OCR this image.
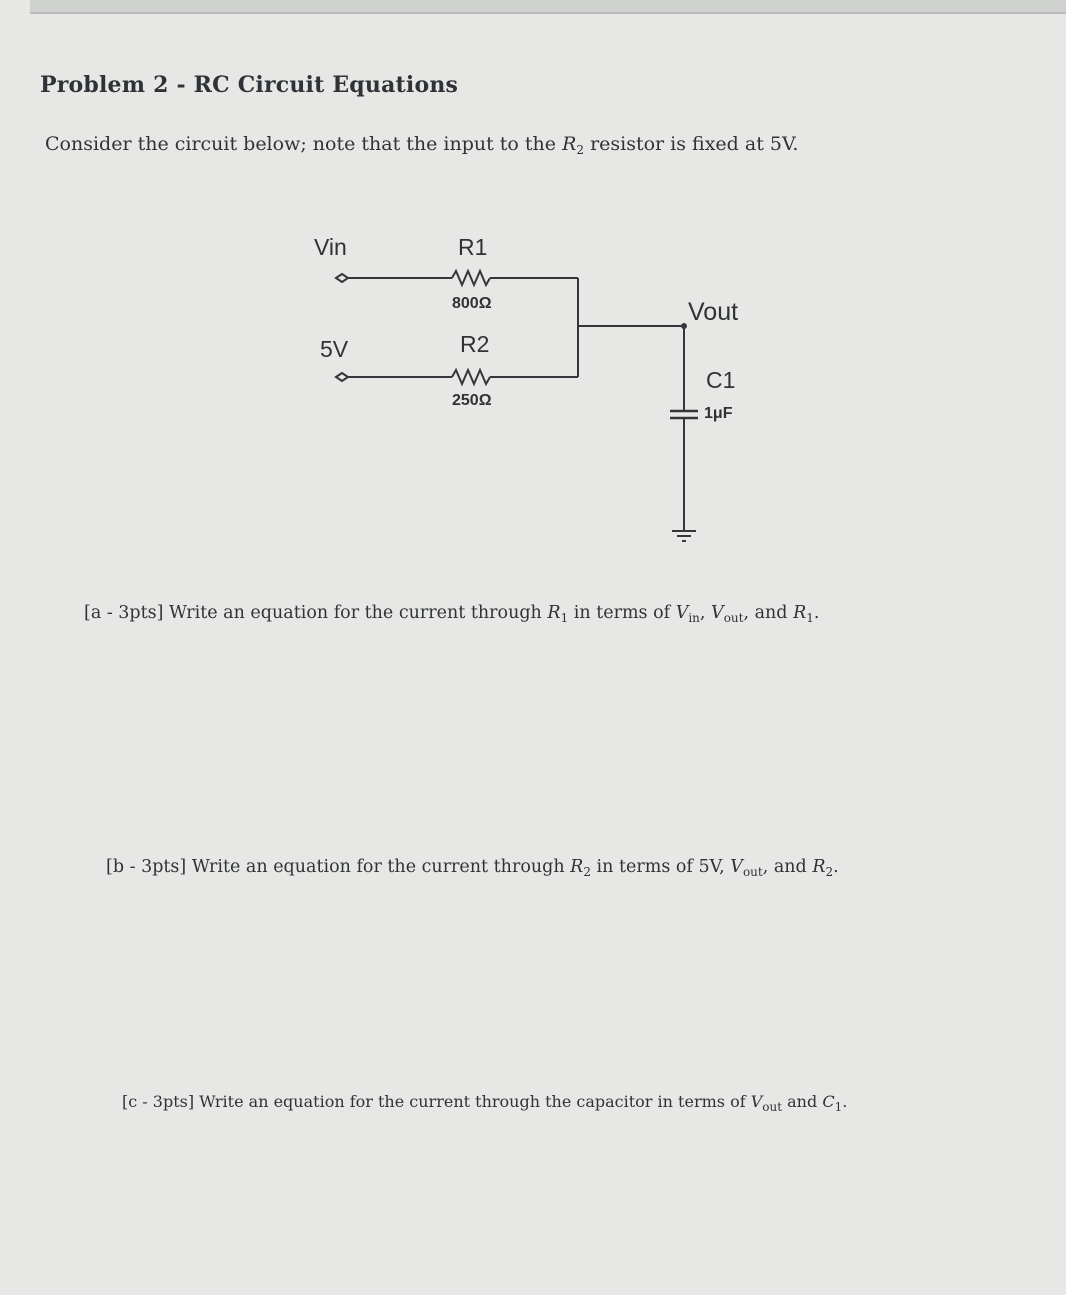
Problem 2 - RC Circuit Equations
Consider the circuit below; note that the input to the $R_2$ resistor is fixed at 5V.
Vin	R1
800Ω
5V	R2
250Ω
Vout
C1
1μF
[a - 3pts] Write an equation for the current through $R_1$ in terms of $V_{in}$, $V_{out}$, and $R_1$.
[b - 3pts] Write an equation for the current through $R_2$ in terms of 5V, $V_{out}$, and $R_2$.
[c - 3pts] Write an equation for the current through the capacitor in terms of $V_{out}$ and $C_1$.
